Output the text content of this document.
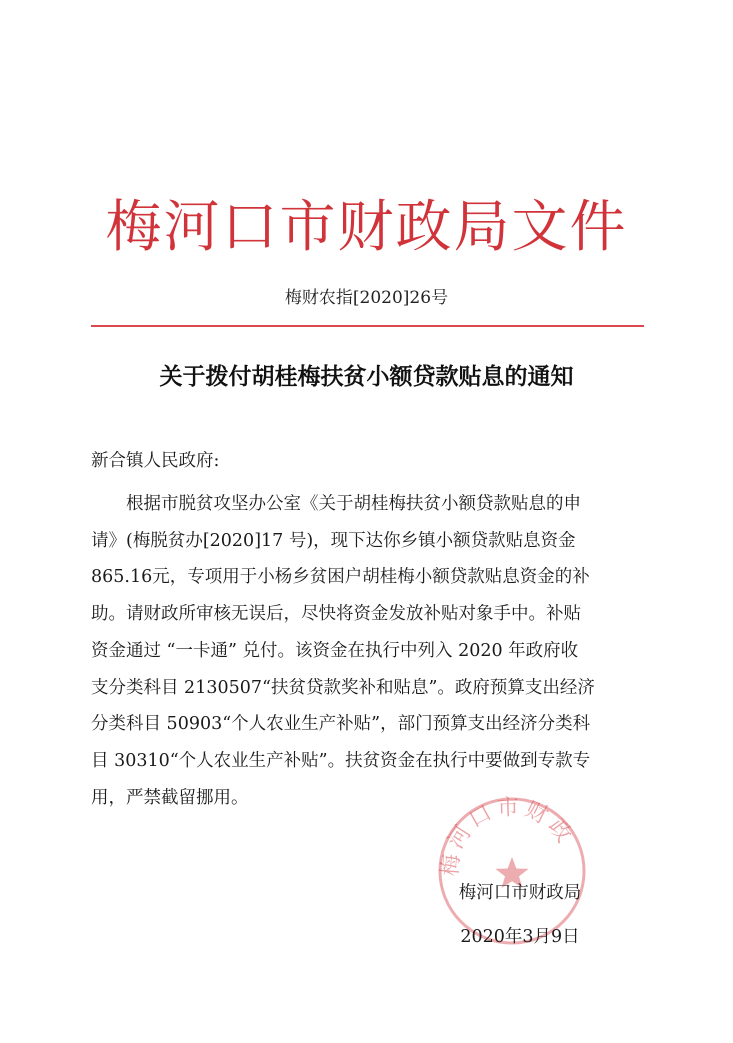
梅河口市财政局文件
梅财农指[2020]26号
关于拨付胡桂梅扶贫小额贷款贴息的通知
新合镇人民政府:
根据市脱贫攻坚办公室《关于胡桂梅扶贫小额贷款贴息的申
请》(梅脱贫办[2020]17 号)，现下达你乡镇小额贷款贴息资金
865.16元，专项用于小杨乡贫困户胡桂梅小额贷款贴息资金的补
助。请财政所审核无误后，尽快将资金发放补贴对象手中。补贴
资金通过 “一卡通” 兑付。该资金在执行中列入 2020 年政府收
支分类科目 2130507“扶贫贷款奖补和贴息”。政府预算支出经济
分类科目 50903“个人农业生产补贴”，部门预算支出经济分类科
目 30310“个人农业生产补贴”。扶贫资金在执行中要做到专款专
用，严禁截留挪用。
梅河口市财政
梅河口市财政局
2020年3月9日
